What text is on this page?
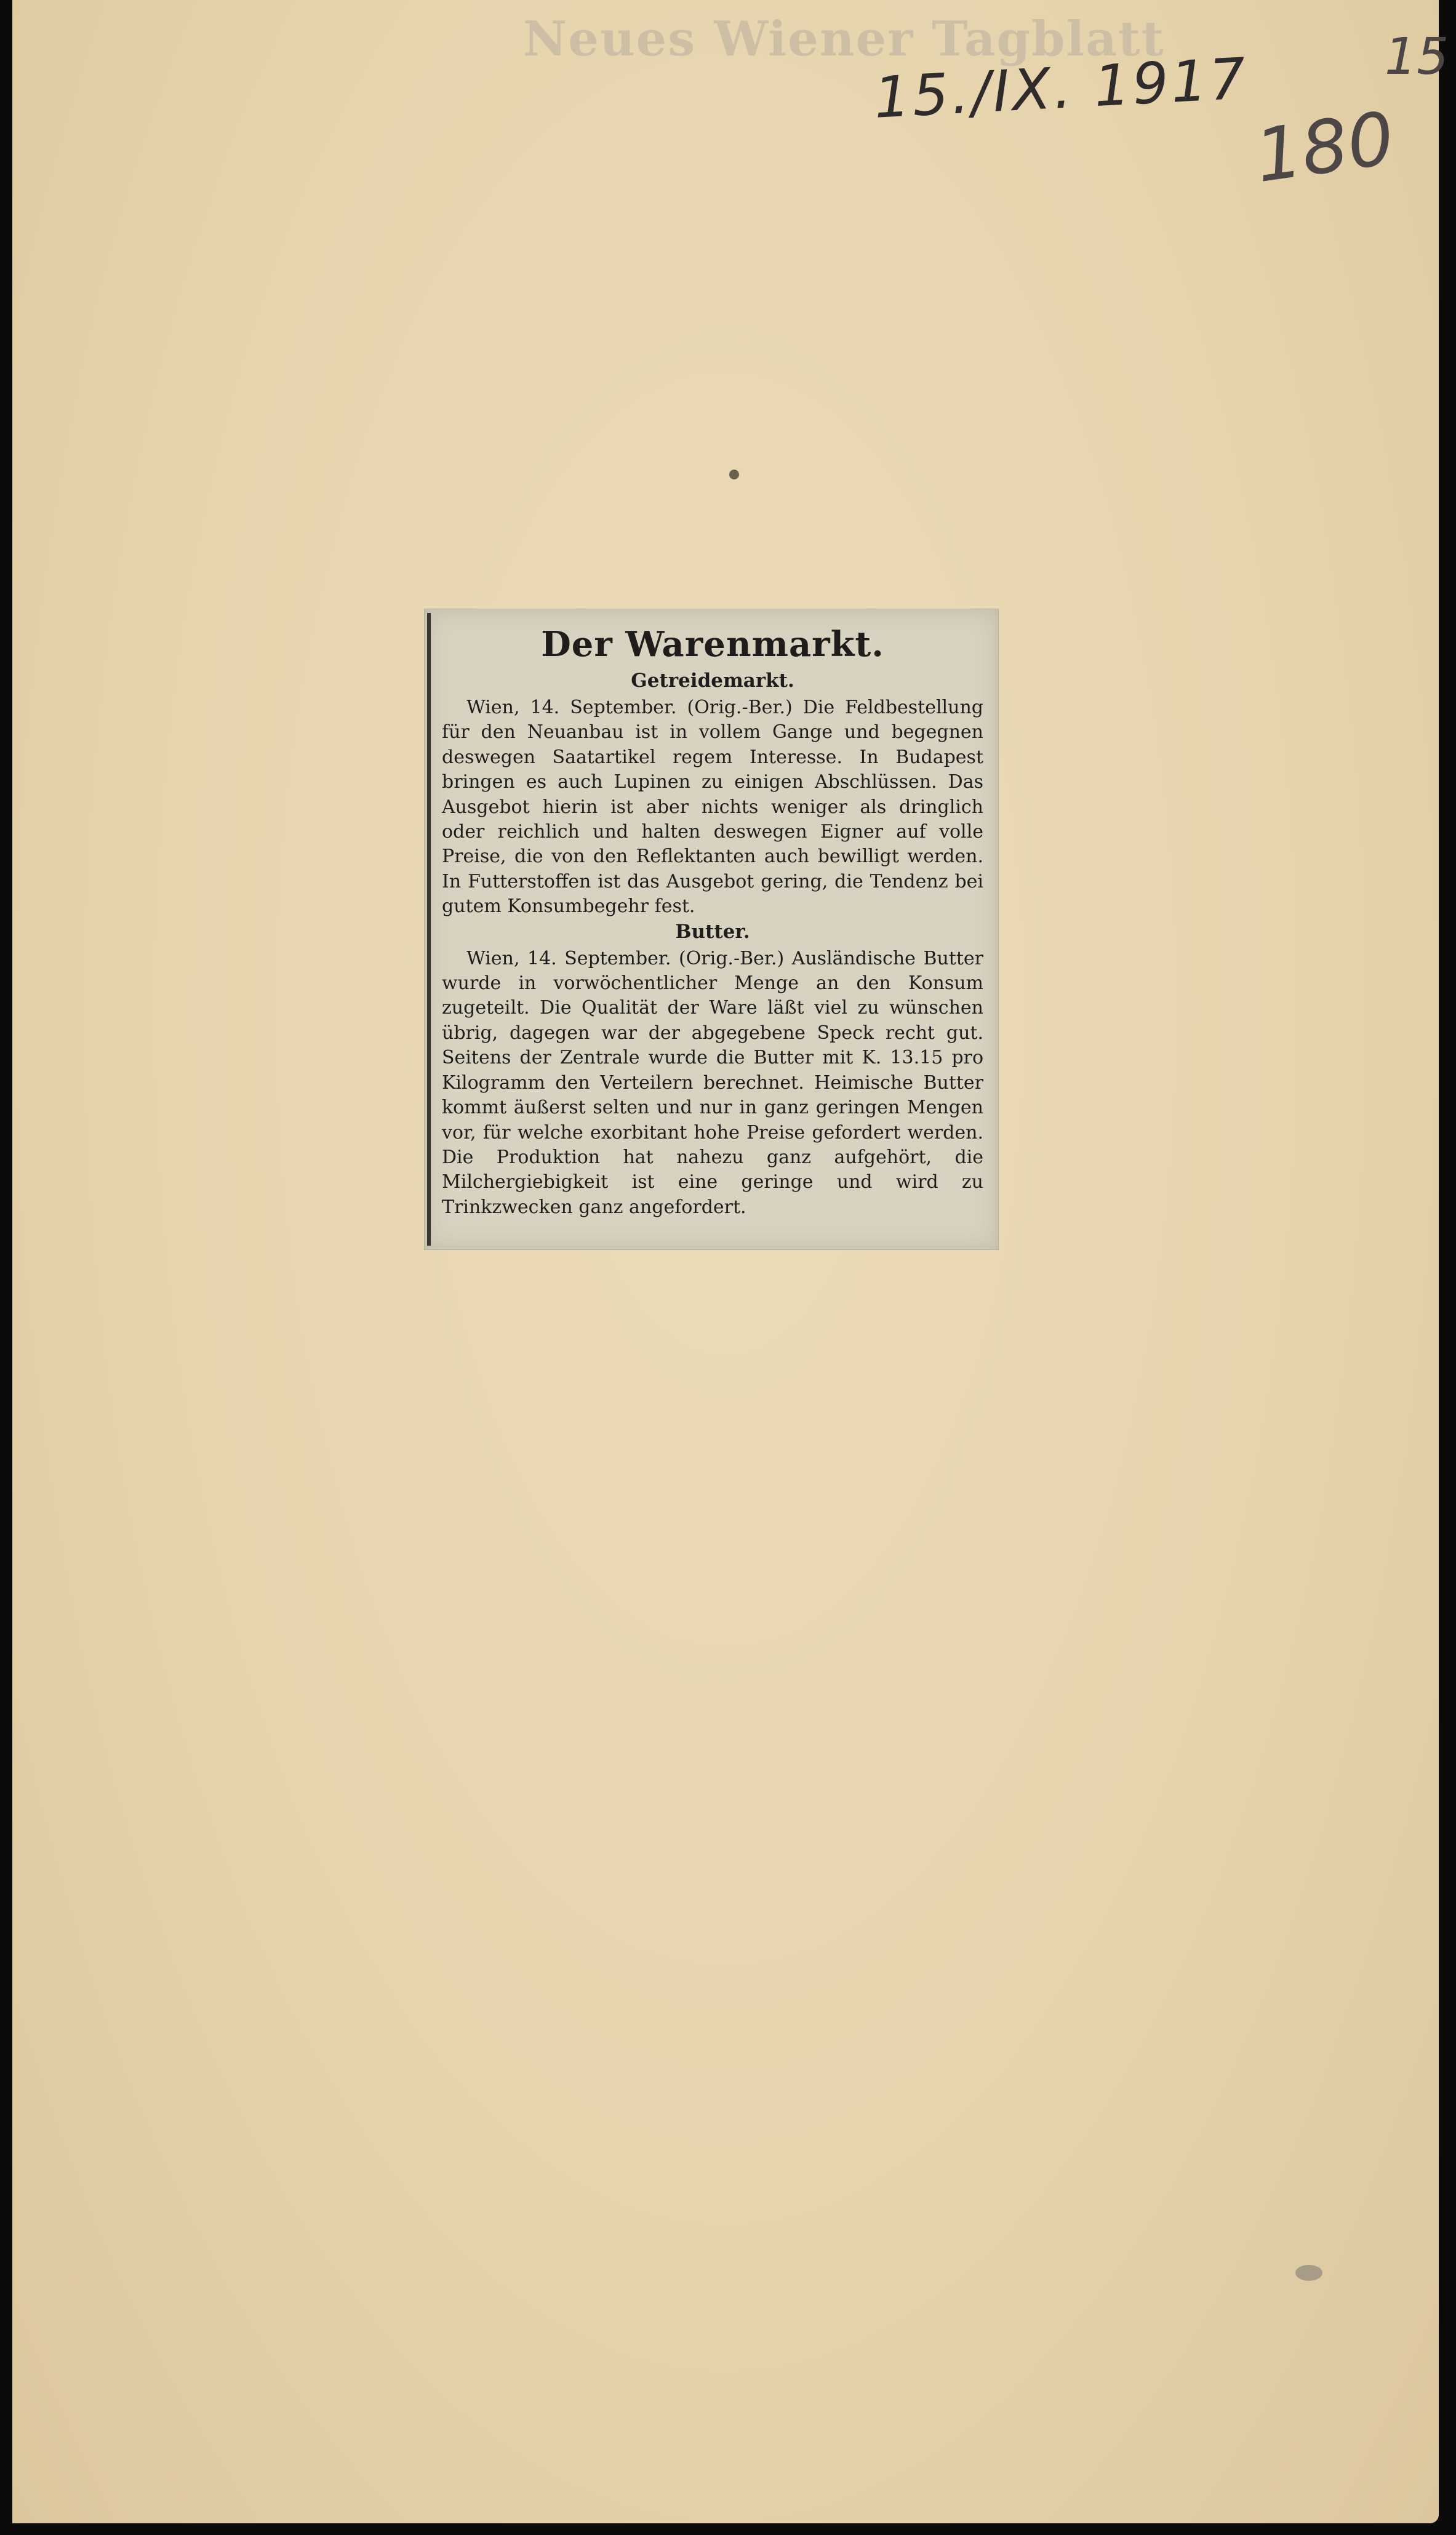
Neues Wiener Tagblatt
15./IX. 1917	15
180
Der Warenmarkt.
Getreidemarkt.

Wien, 14. September. (Orig.-Ber.) Die Feldbestellung für den Neuanbau ist in vollem Gange und begegnen deswegen Saatartikel regem Interesse. In Budapest bringen es auch Lupinen zu einigen Abschlüssen. Das Ausgebot hierin ist aber nichts weniger als dringlich oder reichlich und halten deswegen Eigner auf volle Preise, die von den Reflektanten auch bewilligt werden. In Futterstoffen ist das Ausgebot gering, die Tendenz bei gutem Konsumbegehr fest.

Butter.

Wien, 14. September. (Orig.-Ber.) Ausländische Butter wurde in vorwöchentlicher Menge an den Konsum zugeteilt. Die Qualität der Ware läßt viel zu wünschen übrig, dagegen war der abgegebene Speck recht gut. Seitens der Zentrale wurde die Butter mit K. 13.15 pro Kilogramm den Verteilern berechnet. Heimische Butter kommt äußerst selten und nur in ganz geringen Mengen vor, für welche exorbitant hohe Preise gefordert werden. Die Produktion hat nahezu ganz aufgehört, die Milchergiebigkeit ist eine geringe und wird zu Trinkzwecken ganz angefordert.
